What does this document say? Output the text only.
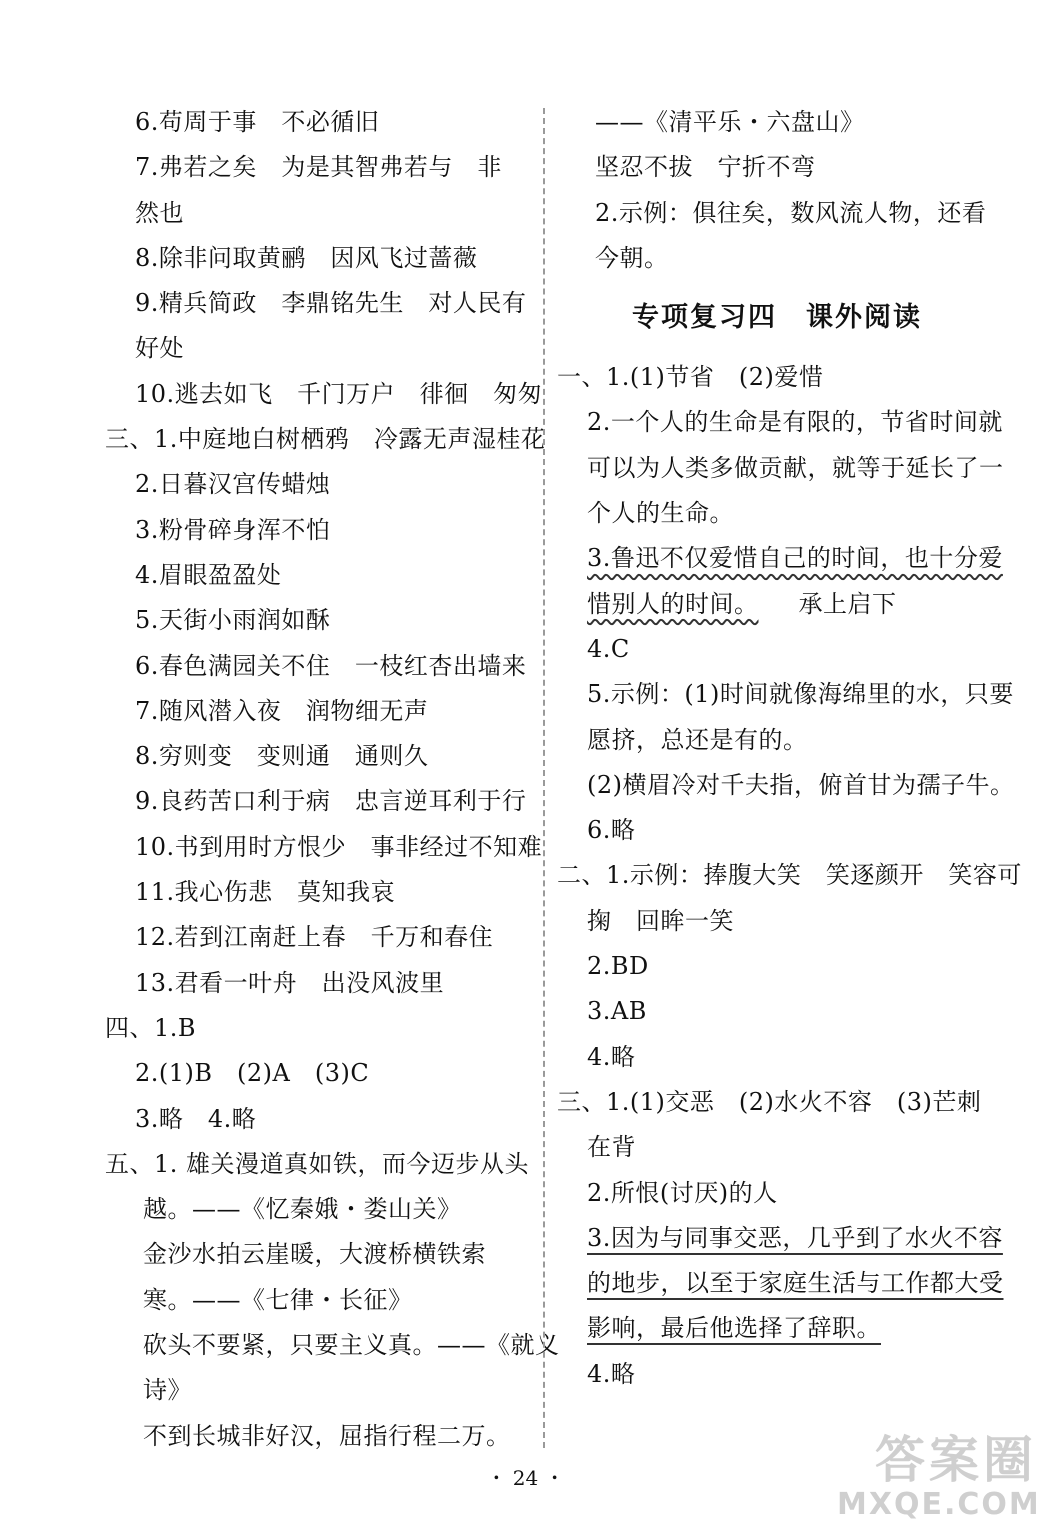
6.苟周于事　不必循旧
7.弗若之矣　为是其智弗若与　非
然也
8.除非问取黄鹂　因风飞过蔷薇
9.精兵简政　李鼎铭先生　对人民有
好处
10.逃去如飞　千门万户　徘徊　匆匆
三、1.中庭地白树栖鸦　冷露无声湿桂花
2.日暮汉宫传蜡烛
3.粉骨碎身浑不怕
4.眉眼盈盈处
5.天街小雨润如酥
6.春色满园关不住　一枝红杏出墙来
7.随风潜入夜　润物细无声
8.穷则变　变则通　通则久
9.良药苦口利于病　忠言逆耳利于行
10.书到用时方恨少　事非经过不知难
11.我心伤悲　莫知我哀
12.若到江南赶上春　千万和春住
13.君看一叶舟　出没风波里
四、1.B
2.(1)B　(2)A　(3)C
3.略　4.略
五、1. 雄关漫道真如铁，而今迈步从头
越。——《忆秦娥・娄山关》
金沙水拍云崖暖，大渡桥横铁索
寒。——《七律・长征》
砍头不要紧，只要主义真。——《就义
诗》
不到长城非好汉，屈指行程二万。
——《清平乐・六盘山》
坚忍不拔　宁折不弯
2.示例：俱往矣，数风流人物，还看
今朝。
专项复习四　课外阅读
一、1.(1)节省　(2)爱惜
2.一个人的生命是有限的，节省时间就
可以为人类多做贡献，就等于延长了一
个人的生命。
3.鲁迅不仅爱惜自己的时间，也十分爱
惜别人的时间。 承上启下
4.C
5.示例：(1)时间就像海绵里的水，只要
愿挤，总还是有的。
(2)横眉冷对千夫指，俯首甘为孺子牛。
6.略
二、1.示例：捧腹大笑　笑逐颜开　笑容可
掬　回眸一笑
2.BD
3.AB
4.略
三、1.(1)交恶　(2)水火不容　(3)芒刺
在背
2.所恨(讨厌)的人
3.因为与同事交恶，几乎到了水火不容
的地步，以至于家庭生活与工作都大受
影响，最后他选择了辞职。
4.略
・ 24 ・	答案圈
MXQE.COM
